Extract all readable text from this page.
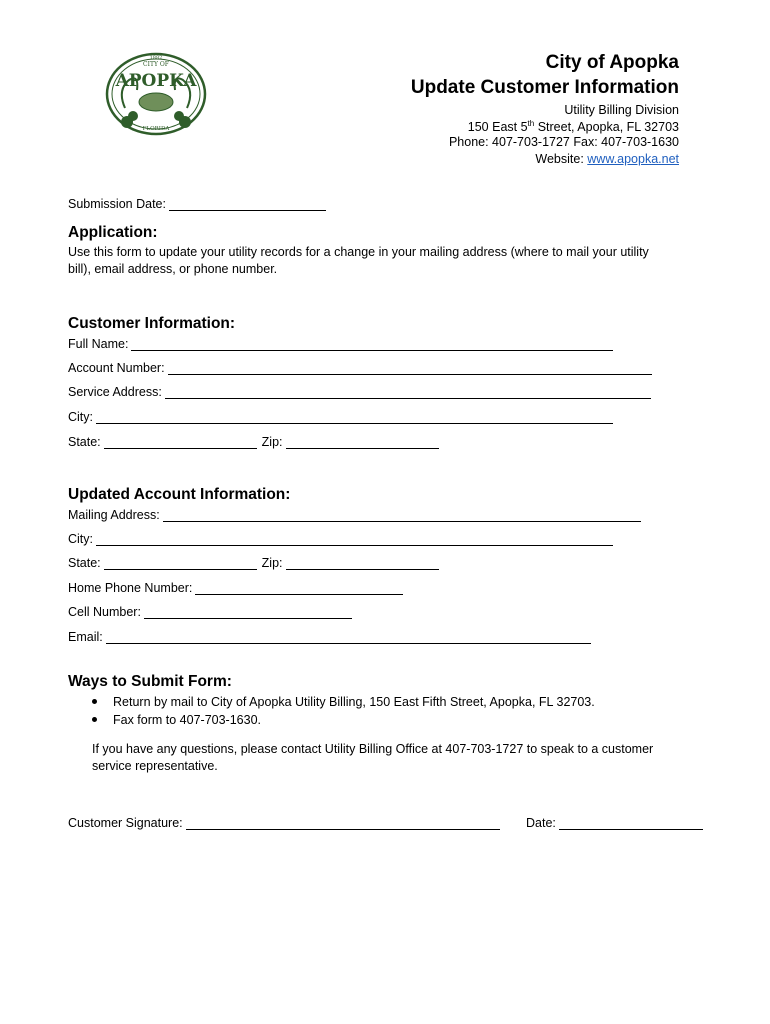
1882
CITY OF
APOPKA
FLORIDA
City of Apopka
Update Customer Information
Utility Billing Division
150 East 5th Street, Apopka, FL 32703
Phone: 407-703-1727 Fax: 407-703-1630
Website: www.apopka.net
Submission Date:
Application:
Use this form to update your utility records for a change in your mailing address (where to mail your utility
bill), email address, or phone number.
Customer Information:
Full Name:
Account Number:
Service Address:
City:
State:	Zip:
Updated Account Information:
Mailing Address:
City:
State:	Zip:
Home Phone Number:
Cell Number:
Email:
Ways to Submit Form:
Return by mail to City of Apopka Utility Billing, 150 East Fifth Street, Apopka, FL 32703.
Fax form to 407-703-1630.
If you have any questions, please contact Utility Billing Office at 407-703-1727 to speak to a customer
service representative.
Customer Signature:	Date:
